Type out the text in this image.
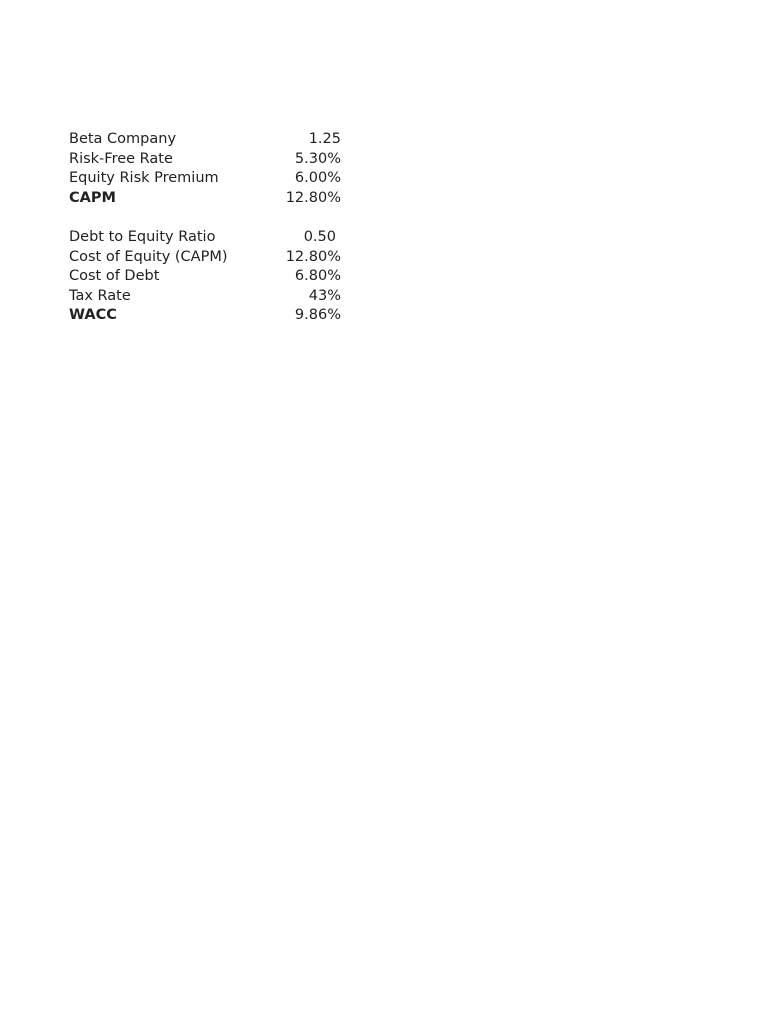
Beta Company	1.25
Risk-Free Rate	5.30%
Equity Risk Premium	6.00%
CAPM	12.80%
Debt to Equity Ratio	0.50
Cost of Equity (CAPM)	12.80%
Cost of Debt	6.80%
Tax Rate	43%
WACC	9.86%
